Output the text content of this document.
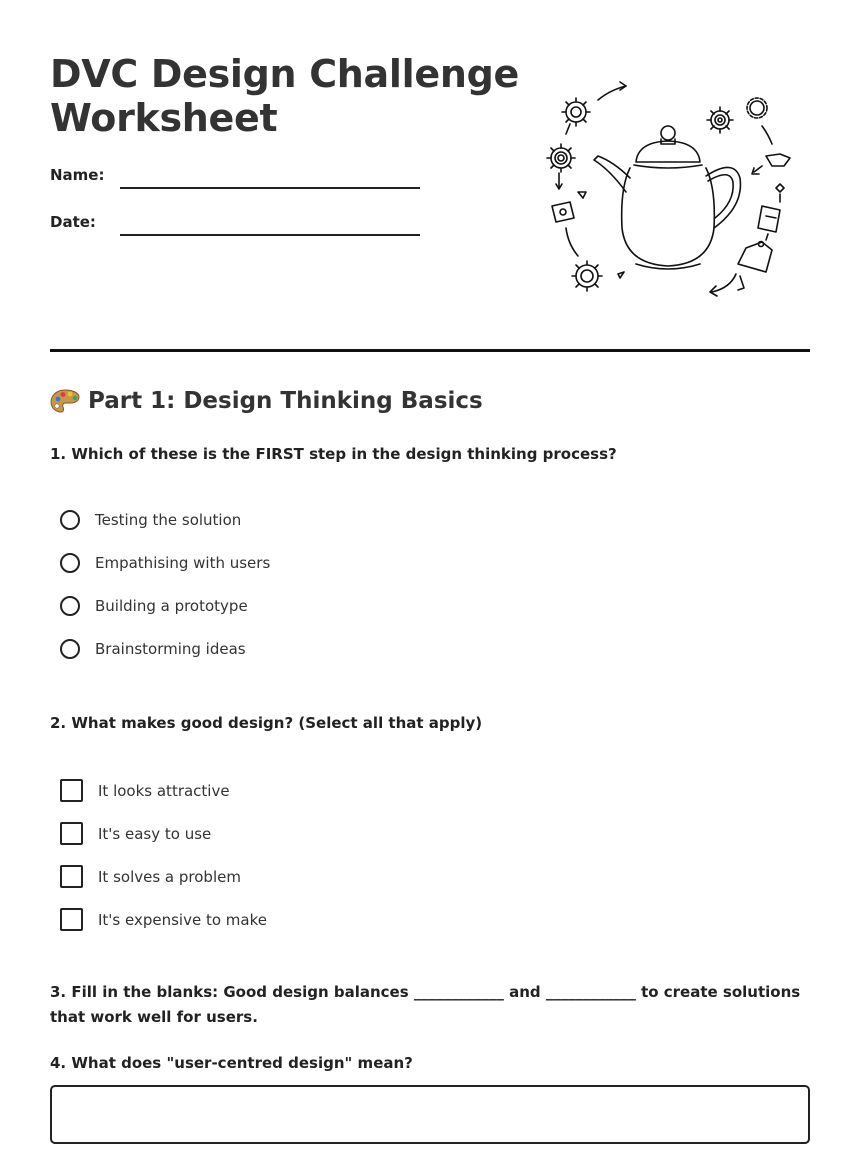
DVC Design Challenge Worksheet
Name:
Date:
Part 1: Design Thinking Basics

1. Which of these is the FIRST step in the design thinking process?

Testing the solution
Empathising with users
Building a prototype
Brainstorming ideas

2. What makes good design? (Select all that apply)

It looks attractive
It's easy to use
It solves a problem
It's expensive to make

3. Fill in the blanks: Good design balances ____________ and ____________ to create solutions that work well for users.

4. What does "user-centred design" mean?
